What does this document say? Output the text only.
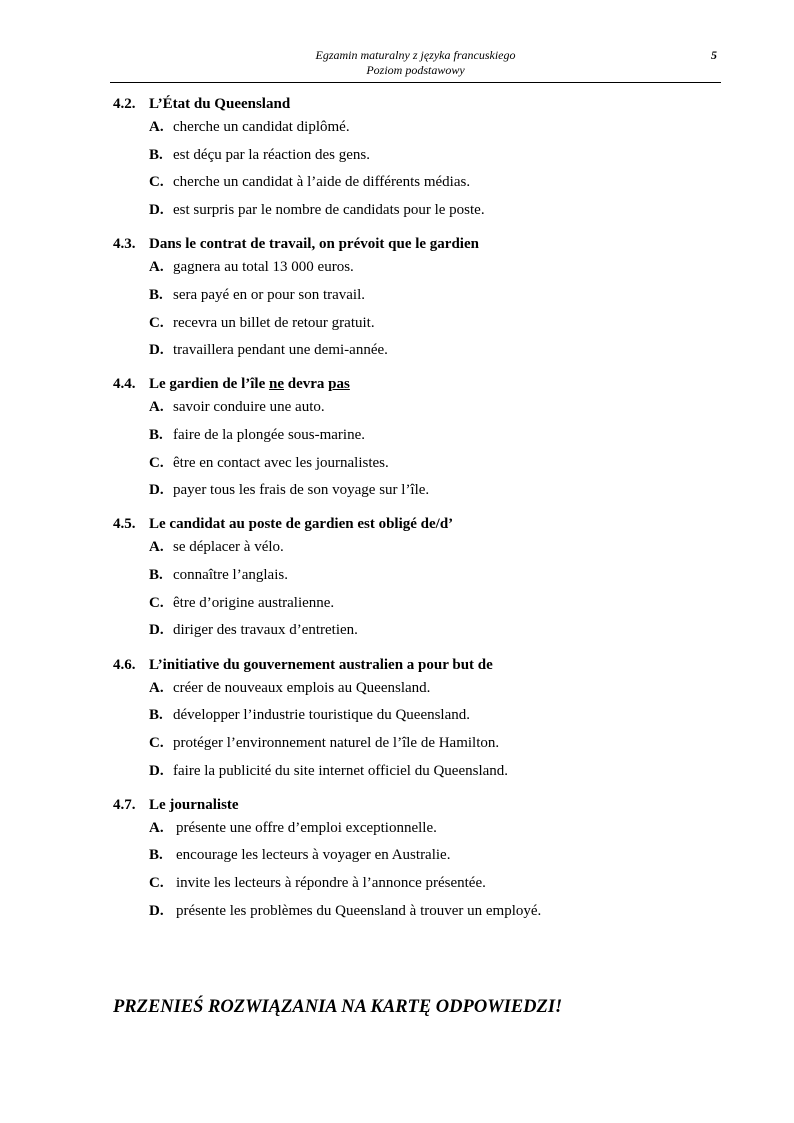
Egzamin maturalny z języka francuskiego
Poziom podstawowy
5
4.2. L’État du Queensland
A. cherche un candidat diplômé.
B. est déçu par la réaction des gens.
C. cherche un candidat à l’aide de différents médias.
D. est surpris par le nombre de candidats pour le poste.
4.3. Dans le contrat de travail, on prévoit que le gardien
A. gagnera au total 13 000 euros.
B. sera payé en or pour son travail.
C. recevra un billet de retour gratuit.
D. travaillera pendant une demi-année.
4.4. Le gardien de l’île ne devra pas
A. savoir conduire une auto.
B. faire de la plongée sous-marine.
C. être en contact avec les journalistes.
D. payer tous les frais de son voyage sur l’île.
4.5. Le candidat au poste de gardien est obligé de/d’
A. se déplacer à vélo.
B. connaître l’anglais.
C. être d’origine australienne.
D. diriger des travaux d’entretien.
4.6. L’initiative du gouvernement australien a pour but de
A. créer de nouveaux emplois au Queensland.
B. développer l’industrie touristique du Queensland.
C. protéger l’environnement naturel de l’île de Hamilton.
D. faire la publicité du site internet officiel du Queensland.
4.7. Le journaliste
A. présente une offre d’emploi exceptionnelle.
B. encourage les lecteurs à voyager en Australie.
C. invite les lecteurs à répondre à l’annonce présentée.
D. présente les problèmes du Queensland à trouver un employé.
PRZENIEŚ ROZWIĄZANIA NA KARTĘ ODPOWIEDZI!
